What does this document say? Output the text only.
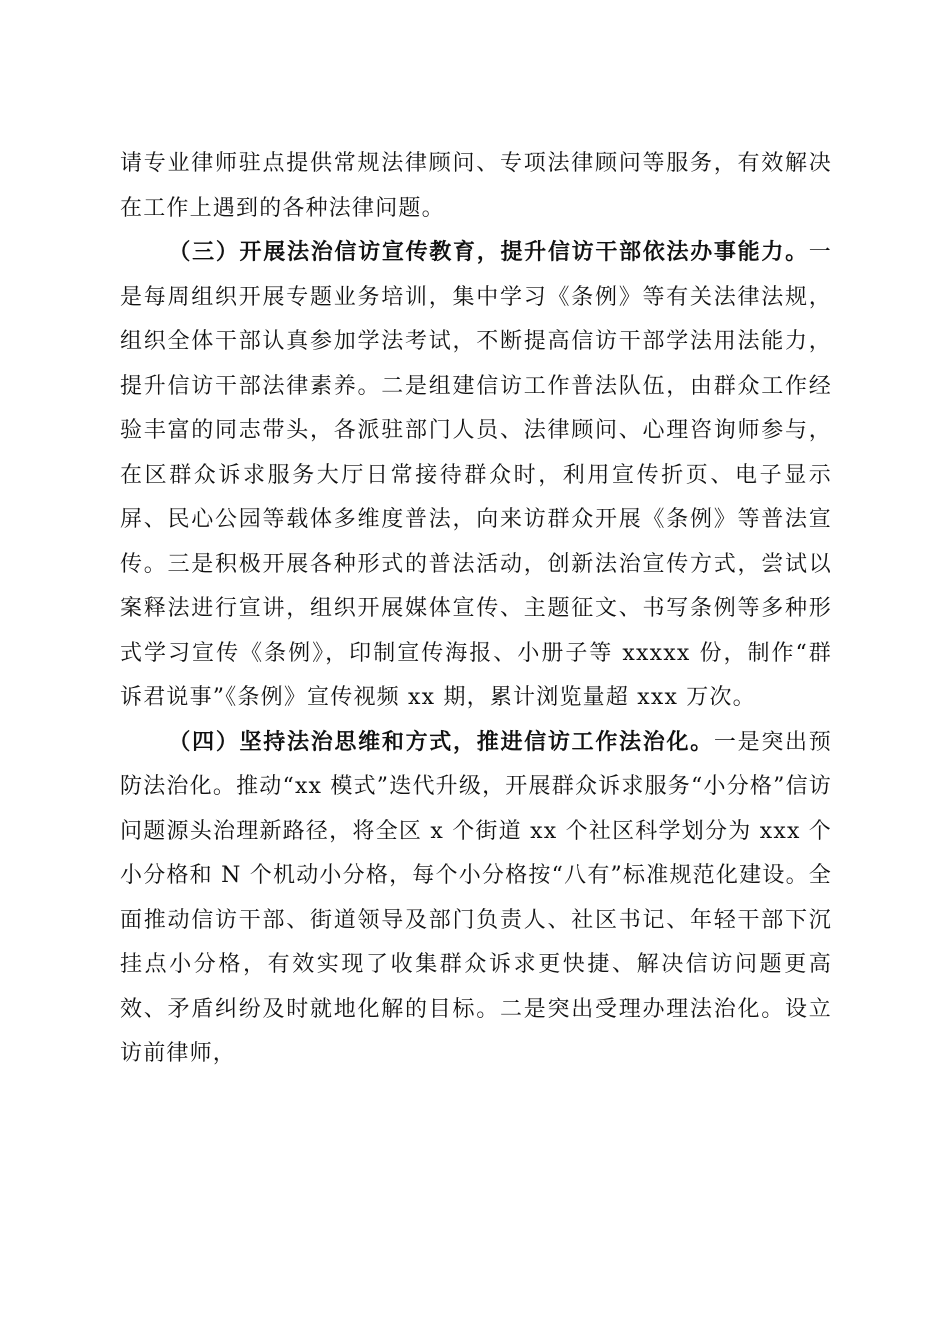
请专业律师驻点提供常规法律顾问、专项法律顾问等服务，有效解决在工作上遇到的各种法律问题。

（三）开展法治信访宣传教育，提升信访干部依法办事能力。一是每周组织开展专题业务培训，集中学习《条例》等有关法律法规，组织全体干部认真参加学法考试，不断提高信访干部学法用法能力，提升信访干部法律素养。二是组建信访工作普法队伍，由群众工作经验丰富的同志带头，各派驻部门人员、法律顾问、心理咨询师参与，在区群众诉求服务大厅日常接待群众时，利用宣传折页、电子显示屏、民心公园等载体多维度普法，向来访群众开展《条例》等普法宣传。三是积极开展各种形式的普法活动，创新法治宣传方式，尝试以案释法进行宣讲，组织开展媒体宣传、主题征文、书写条例等多种形式学习宣传《条例》，印制宣传海报、小册子等 xxxxx 份，制作“群诉君说事”《条例》宣传视频 xx 期，累计浏览量超 xxx 万次。

（四）坚持法治思维和方式，推进信访工作法治化。一是突出预防法治化。推动“xx 模式”迭代升级，开展群众诉求服务“小分格”信访问题源头治理新路径，将全区 x 个街道 xx 个社区科学划分为 xxx 个小分格和 N 个机动小分格，每个小分格按“八有”标准规范化建设。全面推动信访干部、街道领导及部门负责人、社区书记、年轻干部下沉挂点小分格，有效实现了收集群众诉求更快捷、解决信访问题更高效、矛盾纠纷及时就地化解的目标。二是突出受理办理法治化。设立访前律师，
